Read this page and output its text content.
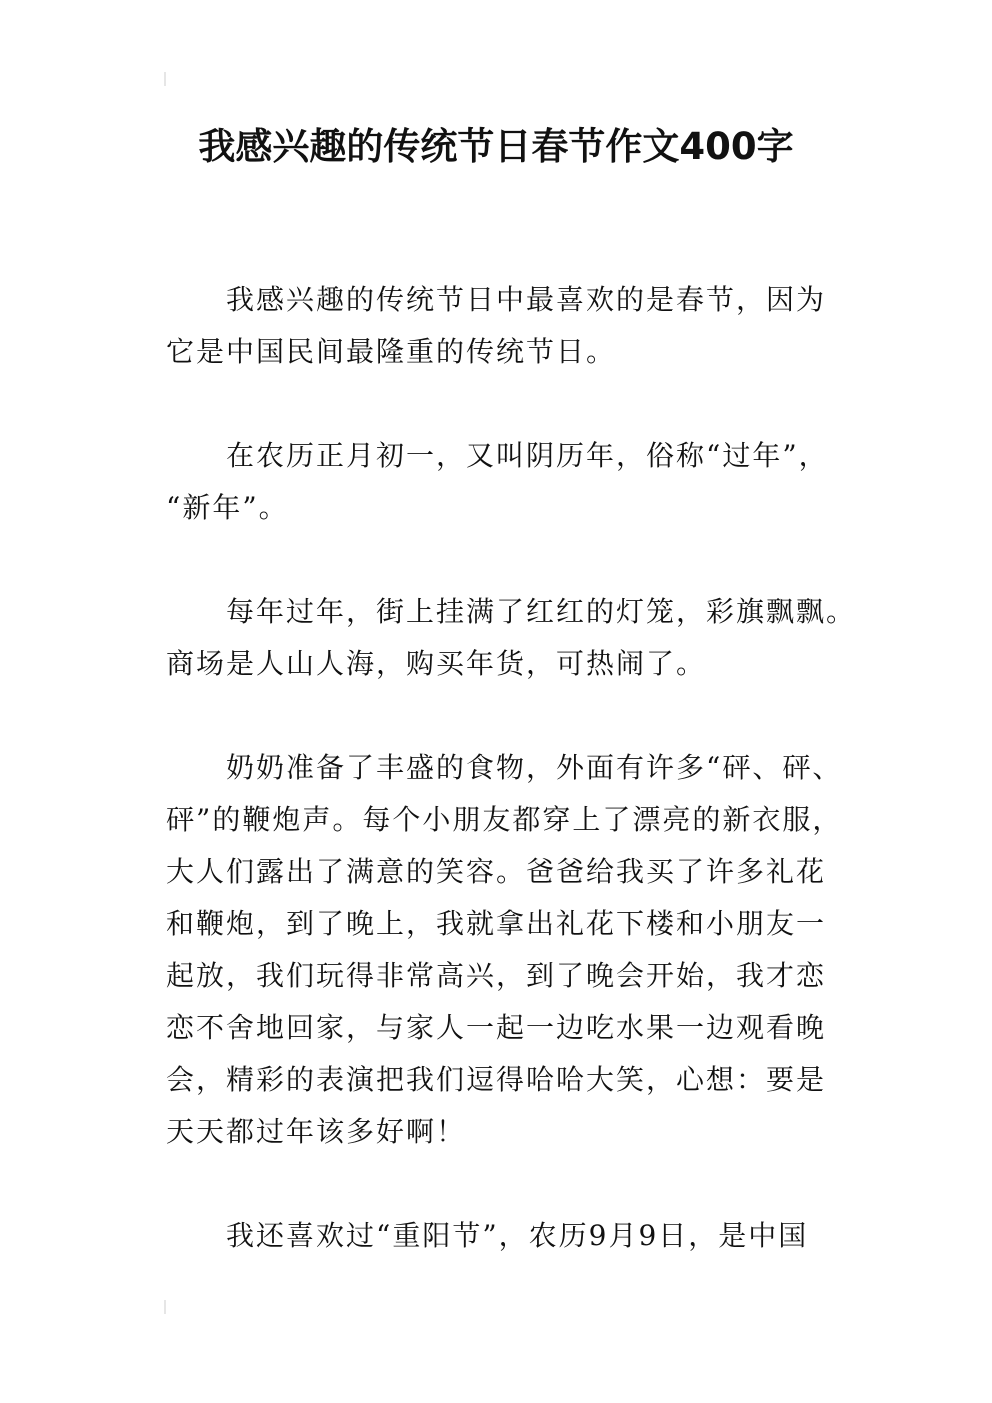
我感兴趣的传统节日春节作文400字
我感兴趣的传统节日中最喜欢的是春节，因为
它是中国民间最隆重的传统节日。
在农历正月初一，又叫阴历年，俗称“过年”，
“新年”。
每年过年，街上挂满了红红的灯笼，彩旗飘飘。
商场是人山人海，购买年货，可热闹了。
奶奶准备了丰盛的食物，外面有许多“砰、砰、
砰”的鞭炮声。每个小朋友都穿上了漂亮的新衣服，
大人们露出了满意的笑容。爸爸给我买了许多礼花
和鞭炮，到了晚上，我就拿出礼花下楼和小朋友一
起放，我们玩得非常高兴，到了晚会开始，我才恋
恋不舍地回家，与家人一起一边吃水果一边观看晚
会，精彩的表演把我们逗得哈哈大笑，心想：要是
天天都过年该多好啊！
我还喜欢过“重阳节”，农历9月9日，是中国
